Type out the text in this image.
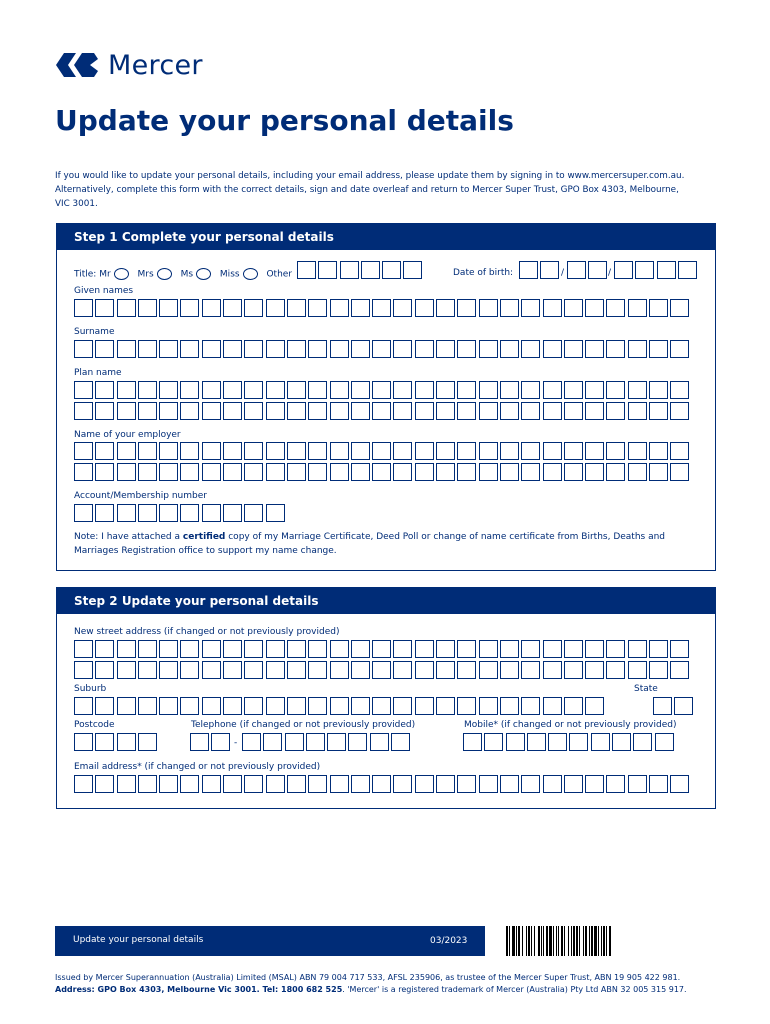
Mercer
Update your personal details
If you would like to update your personal details, including your email address, please update them by signing in to www.mercersuper.com.au. Alternatively, complete this form with the correct details, sign and date overleaf and return to Mercer Super Trust, GPO Box 4303, Melbourne, VIC 3001.
Step 1 Complete your personal details
Title: Mr	Mrs	Ms	Miss	Other	Date of birth:	/	/
Given names
Surname
Plan name
Name of your employer
Account/Membership number
Note: I have attached a certified copy of my Marriage Certificate, Deed Poll or change of name certificate from Births, Deaths and Marriages Registration office to support my name change.
Step 2 Update your personal details
New street address (if changed or not previously provided)
Suburb	State
Postcode	Telephone (if changed or not previously provided)	Mobile* (if changed or not previously provided)
-
Email address* (if changed or not previously provided)
Update your personal details	03/2023
Issued by Mercer Superannuation (Australia) Limited (MSAL) ABN 79 004 717 533, AFSL 235906, as trustee of the Mercer Super Trust, ABN 19 905 422 981.
Address: GPO Box 4303, Melbourne Vic 3001. Tel: 1800 682 525. 'Mercer' is a registered trademark of Mercer (Australia) Pty Ltd ABN 32 005 315 917.
